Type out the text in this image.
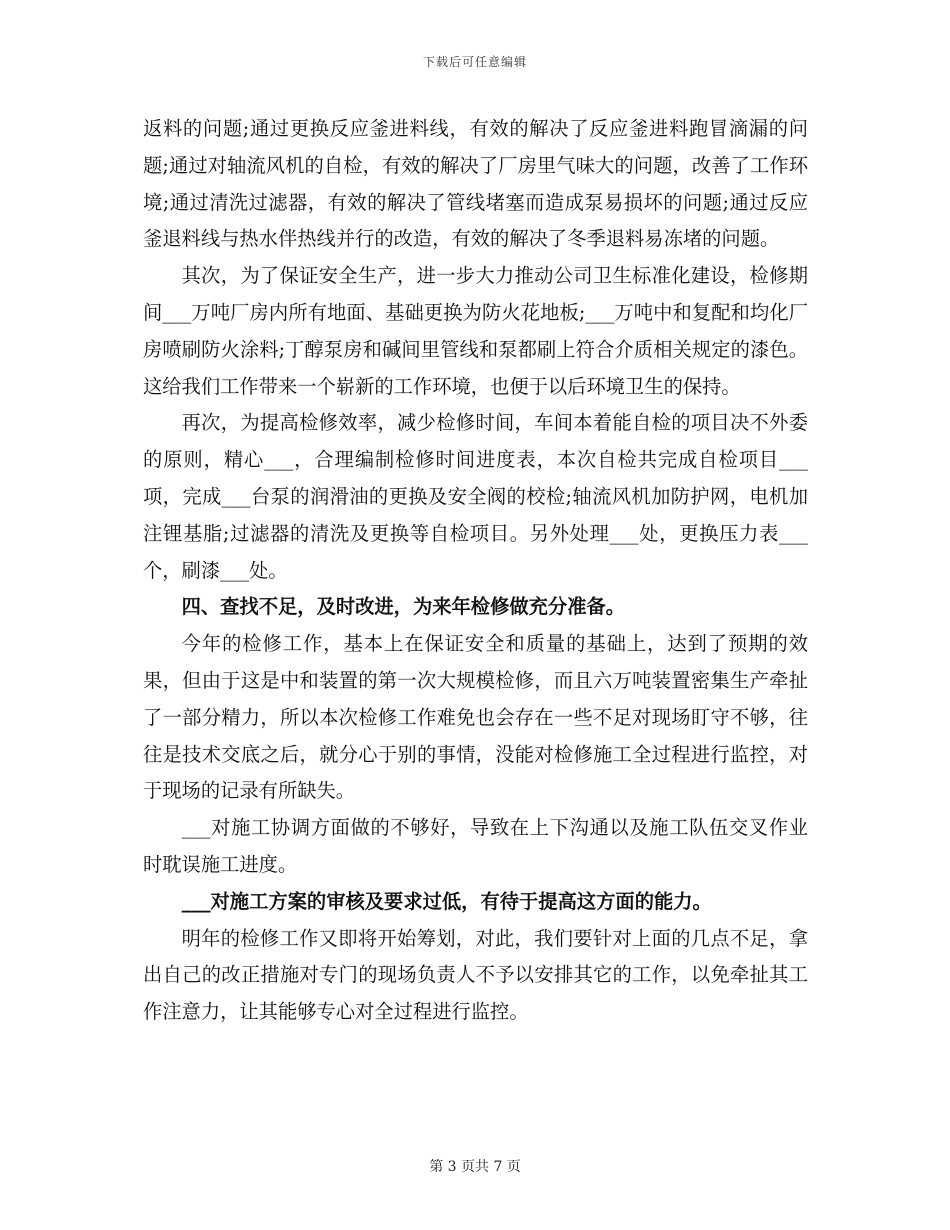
下载后可任意编辑

返料的问题;通过更换反应釜进料线，有效的解决了反应釜进料跑冒滴漏的问题;通过对轴流风机的自检，有效的解决了厂房里气味大的问题，改善了工作环境;通过清洗过滤器，有效的解决了管线堵塞而造成泵易损坏的问题;通过反应釜退料线与热水伴热线并行的改造，有效的解决了冬季退料易冻堵的问题。

其次，为了保证安全生产，进一步大力推动公司卫生标准化建设，检修期间___万吨厂房内所有地面、基础更换为防火花地板;___万吨中和复配和均化厂房喷刷防火涂料;丁醇泵房和碱间里管线和泵都刷上符合介质相关规定的漆色。这给我们工作带来一个崭新的工作环境，也便于以后环境卫生的保持。

再次，为提高检修效率，减少检修时间，车间本着能自检的项目决不外委的原则，精心___，合理编制检修时间进度表，本次自检共完成自检项目___项，完成___台泵的润滑油的更换及安全阀的校检;轴流风机加防护网，电机加注锂基脂;过滤器的清洗及更换等自检项目。另外处理___处，更换压力表___个，刷漆___处。

四、查找不足，及时改进，为来年检修做充分准备。

今年的检修工作，基本上在保证安全和质量的基础上，达到了预期的效果，但由于这是中和装置的第一次大规模检修，而且六万吨装置密集生产牵扯了一部分精力，所以本次检修工作难免也会存在一些不足对现场盯守不够，往往是技术交底之后，就分心于别的事情，没能对检修施工全过程进行监控，对于现场的记录有所缺失。

___对施工协调方面做的不够好，导致在上下沟通以及施工队伍交叉作业时耽误施工进度。

___对施工方案的审核及要求过低，有待于提高这方面的能力。

明年的检修工作又即将开始筹划，对此，我们要针对上面的几点不足，拿出自己的改正措施对专门的现场负责人不予以安排其它的工作，以免牵扯其工作注意力，让其能够专心对全过程进行监控。

第 3 页共 7 页
